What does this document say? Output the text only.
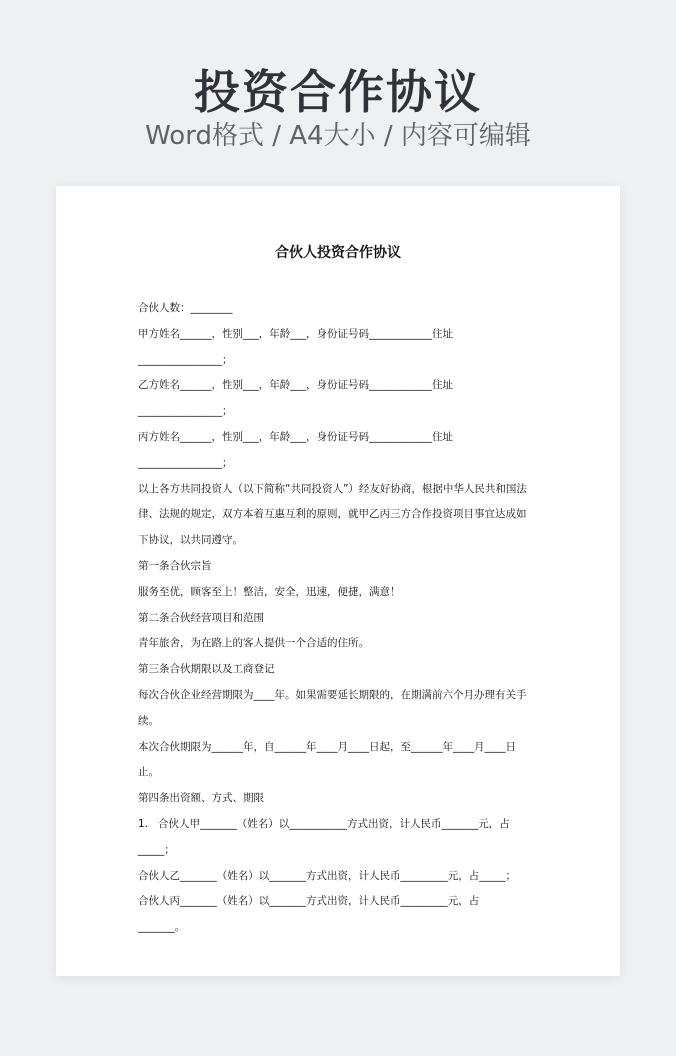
投资合作协议
Word格式 / A4大小 / 内容可编辑
合伙人投资合作协议
合伙人数：________
甲方姓名______，性别___，年龄___，身份证号码____________住址
________________；
乙方姓名______，性别___，年龄___，身份证号码____________住址
________________；
丙方姓名______，性别___，年龄___，身份证号码____________住址
________________；
以上各方共同投资人（以下简称“共同投资人”）经友好协商，根据中华人民共和国法
律、法规的规定，双方本着互惠互利的原则，就甲乙丙三方合作投资项目事宜达成如
下协议，以共同遵守。
第一条合伙宗旨
服务至优，顾客至上！整洁，安全，迅速，便捷，满意！
第二条合伙经营项目和范围
青年旅舍，为在路上的客人提供一个合适的住所。
第三条合伙期限以及工商登记
每次合伙企业经营期限为____年。如果需要延长期限的，在期满前六个月办理有关手
续。
本次合伙期限为______年，自______年____月____日起，至______年____月____日
止。
第四条出资额、方式、期限
1.   合伙人甲_______（姓名）以___________方式出资，计人民币_______元，占
_____；
合伙人乙_______（姓名）以_______方式出资，计人民币_________元，占_____；
合伙人丙_______（姓名）以_______方式出资，计人民币_________元，占
_______。
